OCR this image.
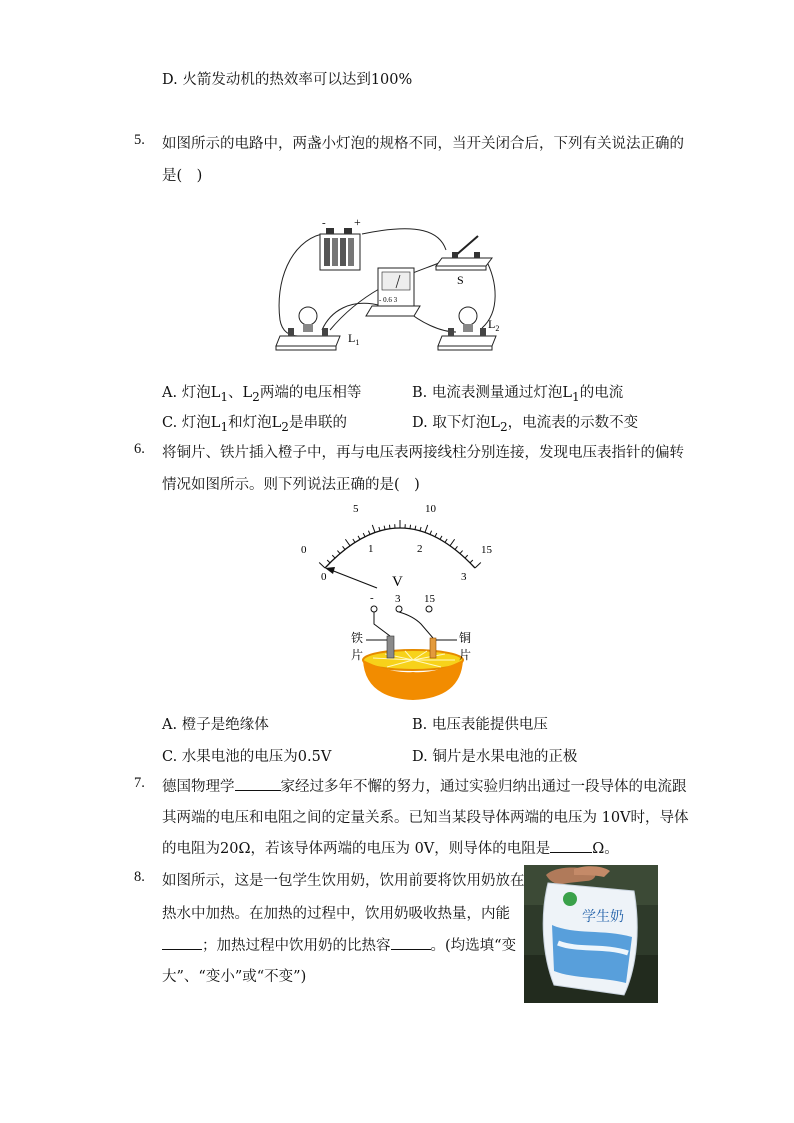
D. 火箭发动机的热效率可以达到100%
5. 如图所示的电路中，两盏小灯泡的规格不同，当开关闭合后，下列有关说法正确的
是(　)
- +
S
- 0.6 3
$L_1$
$L_2$
A. 灯泡$L_1$、$L_2$两端的电压相等	B. 电流表测量通过灯泡$L_1$的电流
C. 灯泡$L_1$和灯泡$L_2$是串联的	D. 取下灯泡$L_2$，电流表的示数不变
6. 将铜片、铁片插入橙子中，再与电压表两接线柱分别连接，发现电压表指针的偏转
情况如图所示。则下列说法正确的是(　)
0
5	10
15
0
1	2
3
V
- 3 15
铁
片
铜
片
A. 橙子是绝缘体	B. 电压表能提供电压
C. 水果电池的电压为0.5V	D. 铜片是水果电池的正极
7. 德国物理学	家经过多年不懈的努力，通过实验归纳出通过一段导体的电流跟
其两端的电压和电阻之间的定量关系。已知当某段导体两端的电压为 10V时，导体
的电阻为20Ω，若该导体两端的电压为 0V，则导体的电阻是	Ω。
8. 如图所示，这是一包学生饮用奶，饮用前要将饮用奶放在
热水中加热。在加热的过程中，饮用奶吸收热量，内能
；加热过程中饮用奶的比热容	。(均选填“变
大”、“变小”或“不变”)
学生奶
